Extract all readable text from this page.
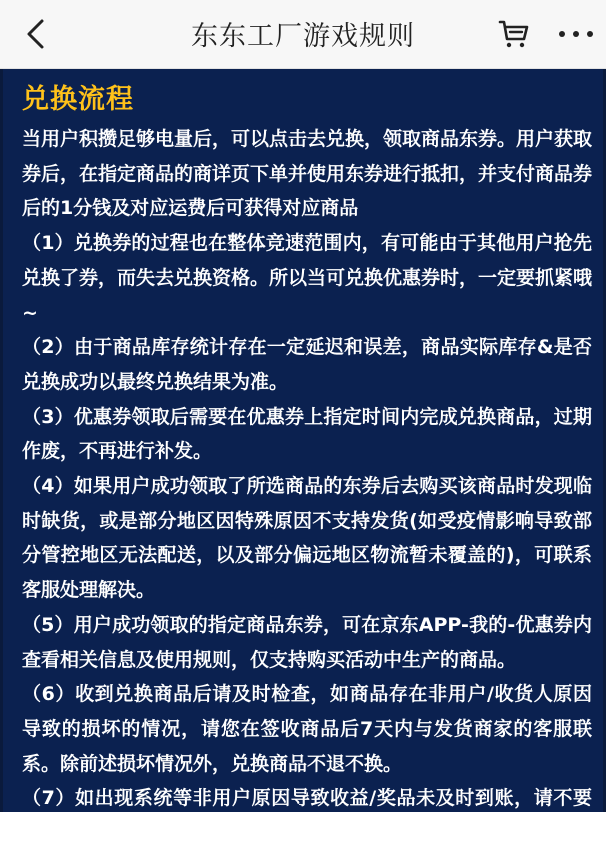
东东工厂游戏规则
兑换流程

当用户积攒足够电量后，可以点击去兑换，领取商品东券。用户获取券后，在指定商品的商详页下单并使用东券进行抵扣，并支付商品券后的1分钱及对应运费后可获得对应商品

（1）兑换券的过程也在整体竞速范围内，有可能由于其他用户抢先兑换了券，而失去兑换资格。所以当可兑换优惠券时，一定要抓紧哦~

（2）由于商品库存统计存在一定延迟和误差，商品实际库存&是否兑换成功以最终兑换结果为准。

（3）优惠券领取后需要在优惠券上指定时间内完成兑换商品，过期作废，不再进行补发。

（4）如果用户成功领取了所选商品的东券后去购买该商品时发现临时缺货，或是部分地区因特殊原因不支持发货(如受疫情影响导致部分管控地区无法配送，以及部分偏远地区物流暂未覆盖的)，可联系客服处理解决。

（5）用户成功领取的指定商品东券，可在京东APP-我的-优惠券内查看相关信息及使用规则，仅支持购买活动中生产的商品。

（6）收到兑换商品后请及时检查，如商品存在非用户/收货人原因导致的损坏的情况，请您在签收商品后7天内与发货商家的客服联系。除前述损坏情况外，兑换商品不退不换。

（7）如出现系统等非用户原因导致收益/奖品未及时到账，请不要担心，核实情况属实，预计15个工作日补发到账。
